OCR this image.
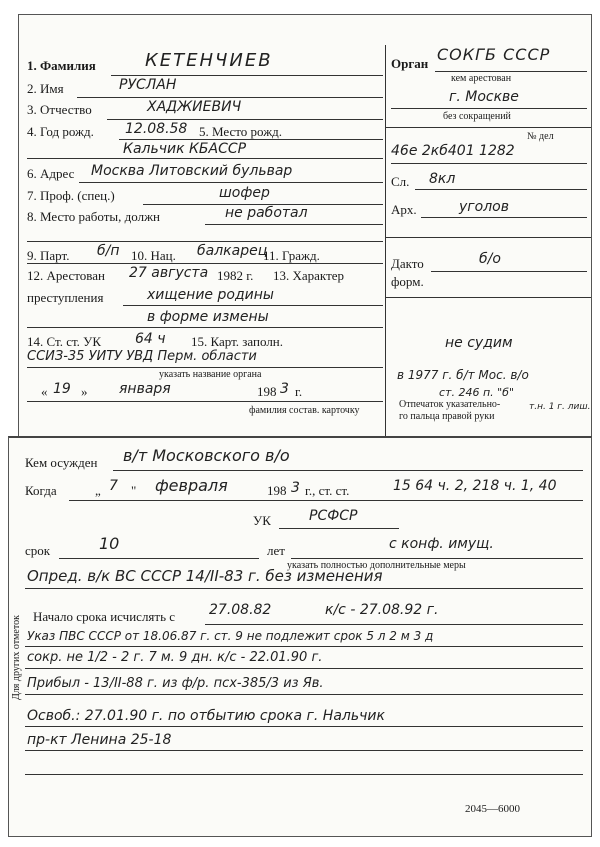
1. Фамилия	КЕТЕНЧИЕВ
2. Имя	РУСЛАН
3. Отчество	ХАДЖИЕВИЧ
4. Год рожд. 12.08.58 5. Место рожд.
Кальчик КБАССР
6. Адрес Москва Литовский бульвар
7. Проф. (спец.)	шофер
8. Место работы, должн	не работал
9. Парт. б/п 10. Нац. балкарец
11. Гражд.
12. Арестован 27 августа 1982 г. 13. Характер
преступления	хищение родины
в форме измены
14. Ст. ст. УК 64 ч 15. Карт. заполн.
ССИЗ-35 УИТУ УВД Перм. области
указать название органа
« 19 » января	198 3 г.
фамилия состав. карточку
Орган СОКГБ СССР
кем арестован
г. Москве
без сокращений
№ дел
46е 2кб401 1282
Сл. 8кл
Арх.	уголов
Дакто	б/о
форм.
не судим
в 1977 г. б/т Мос. в/о
ст. 246 п. "б"
Отпечаток указательно-
го пальца правой руки
т.н. 1 г. лиш.
Для других отметок
Кем осужден в/т Московского в/о
Когда	„ 7 " февраля	198 3 г., ст. ст.	15 64 ч. 2, 218 ч. 1, 40
УК	РСФСР
срок	10	лет	с конф. имущ.
указать полностью дополнительные меры
Опред. в/к ВС СССР 14/II-83 г. без изменения
Начало срока исчислять с 27.08.82	к/с - 27.08.92 г.
Указ ПВС СССР от 18.06.87 г. ст. 9 не подлежит срок 5 л 2 м 3 д
сокр. не 1/2 - 2 г. 7 м. 9 дн. к/с - 22.01.90 г.
Прибыл - 13/II-88 г. из ф/р. псх-385/3 из Яв.
Освоб.: 27.01.90 г. по отбытию срока г. Нальчик
пр-кт Ленина 25-18
2045—6000
